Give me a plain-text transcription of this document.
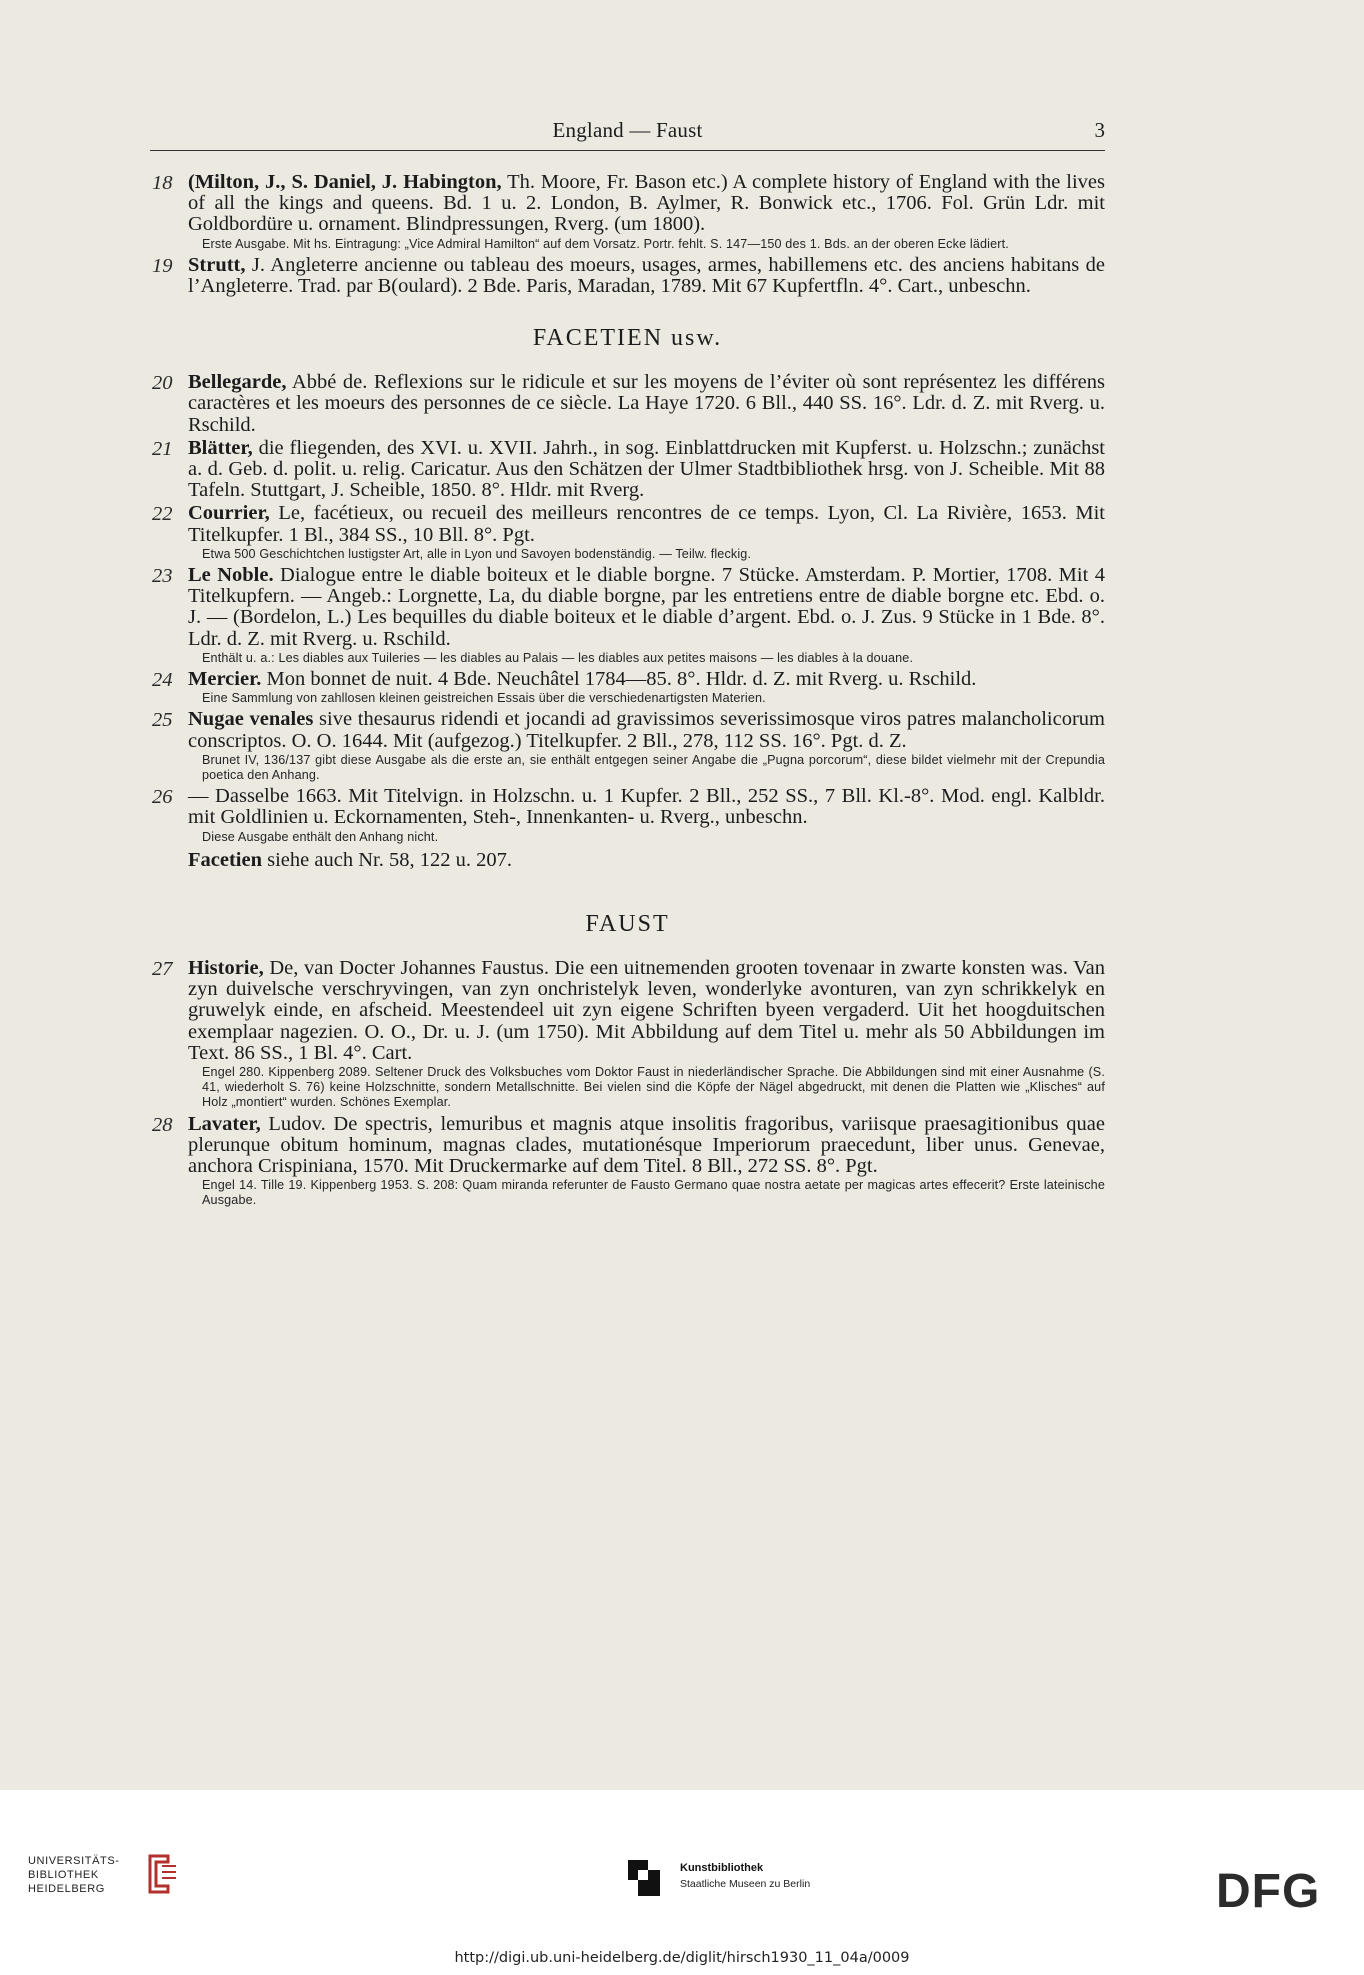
England — Faust	3
18 (Milton, J., S. Daniel, J. Habington, Th. Moore, Fr. Bason etc.) A complete history of England with the lives of all the kings and queens. Bd. 1 u. 2. London, B. Aylmer, R. Bonwick etc., 1706. Fol. Grün Ldr. mit Goldbordüre u. ornament. Blindpressungen, Rverg. (um 1800).
Erste Ausgabe. Mit hs. Eintragung: „Vice Admiral Hamilton“ auf dem Vorsatz. Portr. fehlt. S. 147—150 des 1. Bds. an der oberen Ecke lädiert.
19 Strutt, J. Angleterre ancienne ou tableau des moeurs, usages, armes, habillemens etc. des anciens habitans de l’Angleterre. Trad. par B(oulard). 2 Bde. Paris, Maradan, 1789. Mit 67 Kupfertfln. 4°. Cart., unbeschn.
FACETIEN usw.
20 Bellegarde, Abbé de. Reflexions sur le ridicule et sur les moyens de l’éviter où sont représentez les différens caractères et les moeurs des personnes de ce siècle. La Haye 1720. 6 Bll., 440 SS. 16°. Ldr. d. Z. mit Rverg. u. Rschild.
21 Blätter, die fliegenden, des XVI. u. XVII. Jahrh., in sog. Einblattdrucken mit Kupferst. u. Holzschn.; zunächst a. d. Geb. d. polit. u. relig. Caricatur. Aus den Schätzen der Ulmer Stadtbibliothek hrsg. von J. Scheible. Mit 88 Tafeln. Stuttgart, J. Scheible, 1850. 8°. Hldr. mit Rverg.
22 Courrier, Le, facétieux, ou recueil des meilleurs rencontres de ce temps. Lyon, Cl. La Rivière, 1653. Mit Titelkupfer. 1 Bl., 384 SS., 10 Bll. 8°. Pgt.
Etwa 500 Geschichtchen lustigster Art, alle in Lyon und Savoyen bodenständig. — Teilw. fleckig.
23 Le Noble. Dialogue entre le diable boiteux et le diable borgne. 7 Stücke. Amsterdam. P. Mortier, 1708. Mit 4 Titelkupfern. — Angeb.: Lorgnette, La, du diable borgne, par les entretiens entre de diable borgne etc. Ebd. o. J. — (Bordelon, L.) Les bequilles du diable boiteux et le diable d’argent. Ebd. o. J. Zus. 9 Stücke in 1 Bde. 8°. Ldr. d. Z. mit Rverg. u. Rschild.
Enthält u. a.: Les diables aux Tuileries — les diables au Palais — les diables aux petites maisons — les diables à la douane.
24 Mercier. Mon bonnet de nuit. 4 Bde. Neuchâtel 1784—85. 8°. Hldr. d. Z. mit Rverg. u. Rschild.
Eine Sammlung von zahllosen kleinen geistreichen Essais über die verschiedenartigsten Materien.
25 Nugae venales sive thesaurus ridendi et jocandi ad gravissimos severissimosque viros patres malancholicorum conscriptos. O. O. 1644. Mit (aufgezog.) Titelkupfer. 2 Bll., 278, 112 SS. 16°. Pgt. d. Z.
Brunet IV, 136/137 gibt diese Ausgabe als die erste an, sie enthält entgegen seiner Angabe die „Pugna porcorum“, diese bildet vielmehr mit der Crepundia poetica den Anhang.
26 — Dasselbe 1663. Mit Titelvign. in Holzschn. u. 1 Kupfer. 2 Bll., 252 SS., 7 Bll. Kl.-8°. Mod. engl. Kalbldr. mit Goldlinien u. Eckornamenten, Steh-, Innenkanten- u. Rverg., unbeschn.
Diese Ausgabe enthält den Anhang nicht.
Facetien siehe auch Nr. 58, 122 u. 207.
FAUST
27 Historie, De, van Docter Johannes Faustus. Die een uitnemenden grooten tovenaar in zwarte konsten was. Van zyn duivelsche verschryvingen, van zyn onchristelyk leven, wonderlyke avonturen, van zyn schrikkelyk en gruwelyk einde, en afscheid. Meestendeel uit zyn eigene Schriften byeen vergaderd. Uit het hoogduitschen exemplaar nagezien. O. O., Dr. u. J. (um 1750). Mit Abbildung auf dem Titel u. mehr als 50 Abbildungen im Text. 86 SS., 1 Bl. 4°. Cart.
Engel 280. Kippenberg 2089. Seltener Druck des Volksbuches vom Doktor Faust in niederländischer Sprache. Die Abbildungen sind mit einer Ausnahme (S. 41, wiederholt S. 76) keine Holzschnitte, sondern Metallschnitte. Bei vielen sind die Köpfe der Nägel abgedruckt, mit denen die Platten wie „Klisches“ auf Holz „montiert“ wurden. Schönes Exemplar.
28 Lavater, Ludov. De spectris, lemuribus et magnis atque insolitis fragoribus, variisque praesagitionibus quae plerunque obitum hominum, magnas clades, mutationésque Imperiorum praecedunt, liber unus. Genevae, anchora Crispiniana, 1570. Mit Druckermarke auf dem Titel. 8 Bll., 272 SS. 8°. Pgt.
Engel 14. Tille 19. Kippenberg 1953. S. 208: Quam miranda referunter de Fausto Germano quae nostra aetate per magicas artes effecerit? Erste lateinische Ausgabe.
UNIVERSITÄTS-
BIBLIOTHEK
HEIDELBERG
Kunstbibliothek
Staatliche Museen zu Berlin	DFG
http://digi.ub.uni-heidelberg.de/diglit/hirsch1930_11_04a/0009
